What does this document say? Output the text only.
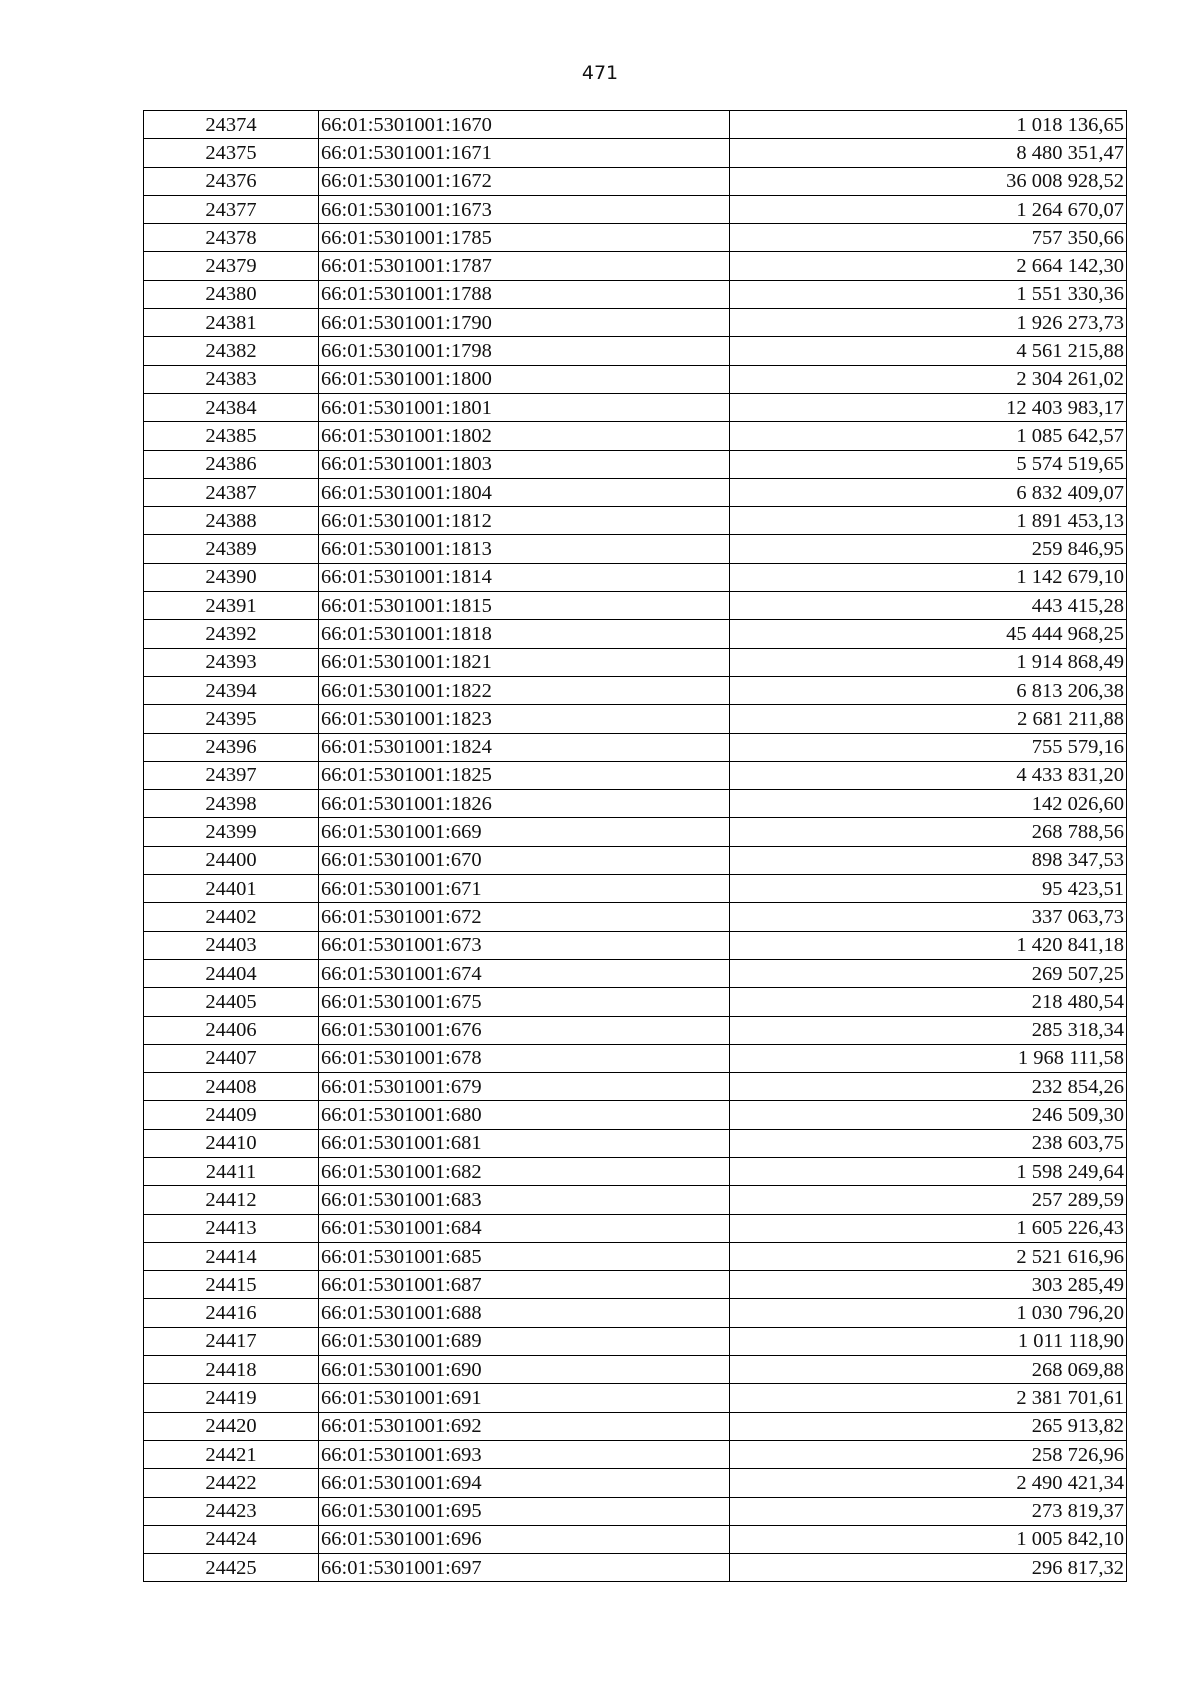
471
24374	66:01:5301001:1670	1 018 136,65
24375	66:01:5301001:1671	8 480 351,47
24376	66:01:5301001:1672	36 008 928,52
24377	66:01:5301001:1673	1 264 670,07
24378	66:01:5301001:1785	757 350,66
24379	66:01:5301001:1787	2 664 142,30
24380	66:01:5301001:1788	1 551 330,36
24381	66:01:5301001:1790	1 926 273,73
24382	66:01:5301001:1798	4 561 215,88
24383	66:01:5301001:1800	2 304 261,02
24384	66:01:5301001:1801	12 403 983,17
24385	66:01:5301001:1802	1 085 642,57
24386	66:01:5301001:1803	5 574 519,65
24387	66:01:5301001:1804	6 832 409,07
24388	66:01:5301001:1812	1 891 453,13
24389	66:01:5301001:1813	259 846,95
24390	66:01:5301001:1814	1 142 679,10
24391	66:01:5301001:1815	443 415,28
24392	66:01:5301001:1818	45 444 968,25
24393	66:01:5301001:1821	1 914 868,49
24394	66:01:5301001:1822	6 813 206,38
24395	66:01:5301001:1823	2 681 211,88
24396	66:01:5301001:1824	755 579,16
24397	66:01:5301001:1825	4 433 831,20
24398	66:01:5301001:1826	142 026,60
24399	66:01:5301001:669	268 788,56
24400	66:01:5301001:670	898 347,53
24401	66:01:5301001:671	95 423,51
24402	66:01:5301001:672	337 063,73
24403	66:01:5301001:673	1 420 841,18
24404	66:01:5301001:674	269 507,25
24405	66:01:5301001:675	218 480,54
24406	66:01:5301001:676	285 318,34
24407	66:01:5301001:678	1 968 111,58
24408	66:01:5301001:679	232 854,26
24409	66:01:5301001:680	246 509,30
24410	66:01:5301001:681	238 603,75
24411	66:01:5301001:682	1 598 249,64
24412	66:01:5301001:683	257 289,59
24413	66:01:5301001:684	1 605 226,43
24414	66:01:5301001:685	2 521 616,96
24415	66:01:5301001:687	303 285,49
24416	66:01:5301001:688	1 030 796,20
24417	66:01:5301001:689	1 011 118,90
24418	66:01:5301001:690	268 069,88
24419	66:01:5301001:691	2 381 701,61
24420	66:01:5301001:692	265 913,82
24421	66:01:5301001:693	258 726,96
24422	66:01:5301001:694	2 490 421,34
24423	66:01:5301001:695	273 819,37
24424	66:01:5301001:696	1 005 842,10
24425	66:01:5301001:697	296 817,32
